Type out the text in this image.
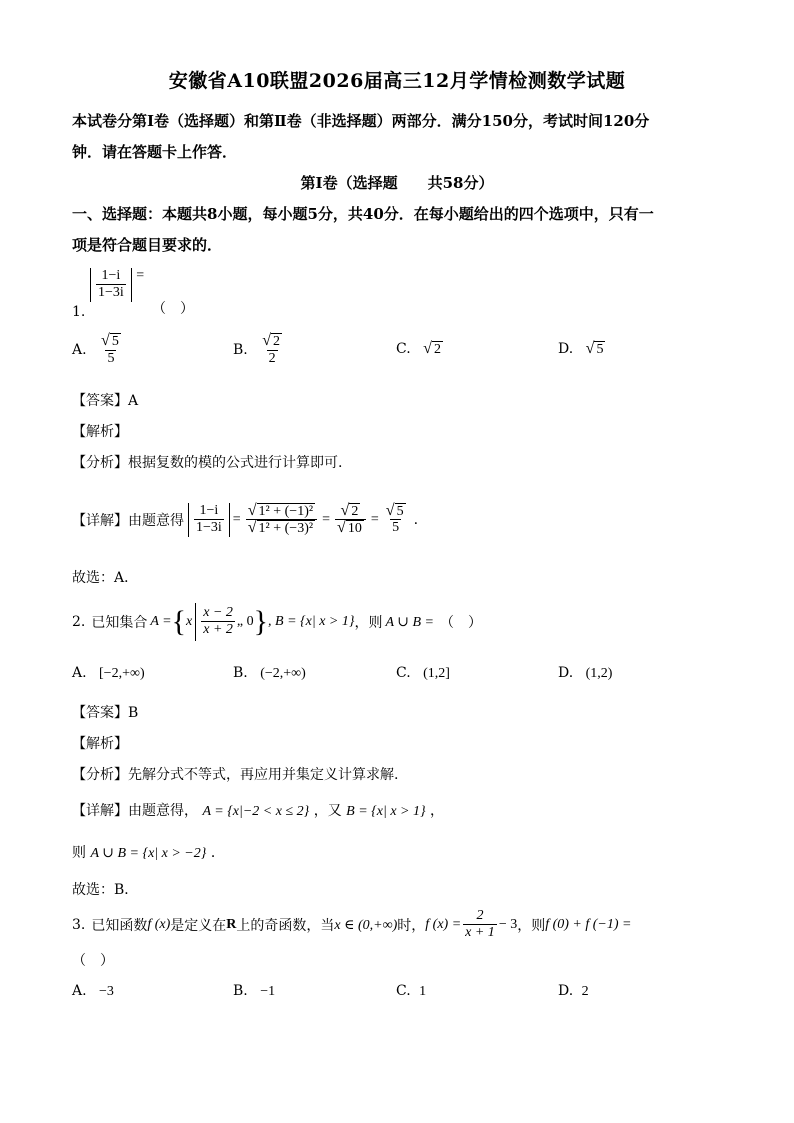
安徽省A10联盟2026届高三12月学情检测数学试题
本试卷分第Ⅰ卷（选择题）和第Ⅱ卷（非选择题）两部分．满分150分，考试时间120分
钟．请在答题卡上作答．
第Ⅰ卷（选择题　　共58分）
一、选择题：本题共8小题，每小题5分，共40分．在每小题给出的四个选项中，只有一
项是符合题目要求的．
1.
$\frac{1-i}{1-3i}$ =
（　）
A. $\frac{√ 5}{5}$	B. $\frac{√ 2}{2}$	C. √ 2	D. √ 5
【答案】A
【解析】
【分析】根据复数的模的公式进行计算即可.
【详解】 由题意得 $\frac{1-i}{1-3i} = \frac{\text{√ 1² + (−1)²}}{\text{√ 1² + (−3)²}} = \frac{√ 2}{√ 10} = \frac{√ 5}{5}$ .
故选：A．
2. 已知集合 A = { x $\frac{x - 2}{x + 2}$ „ 0 } , B = {x| x > 1} ，则 A ∪ B = （　）
A. [−2,+∞)	B. (−2,+∞)	C. (1,2]	D. (1,2)
【答案】B
【解析】
【分析】先解分式不等式，再应用并集定义计算求解.
【详解】由题意得， A = {x|−2 < x ≤ 2} ，又 B = {x| x > 1} ，
则 A ∪ B = {x| x > −2} ．
故选：B．
3. 已知函数 f (x) 是定义在 R 上的奇函数，当 x ∈ (0,+∞) 时， f $(x) = \frac{2}{x + 1} - 3$ ，则 f (0) + f (−1) =
（　）
A. −3	B. −1	C. 1	D. 2
